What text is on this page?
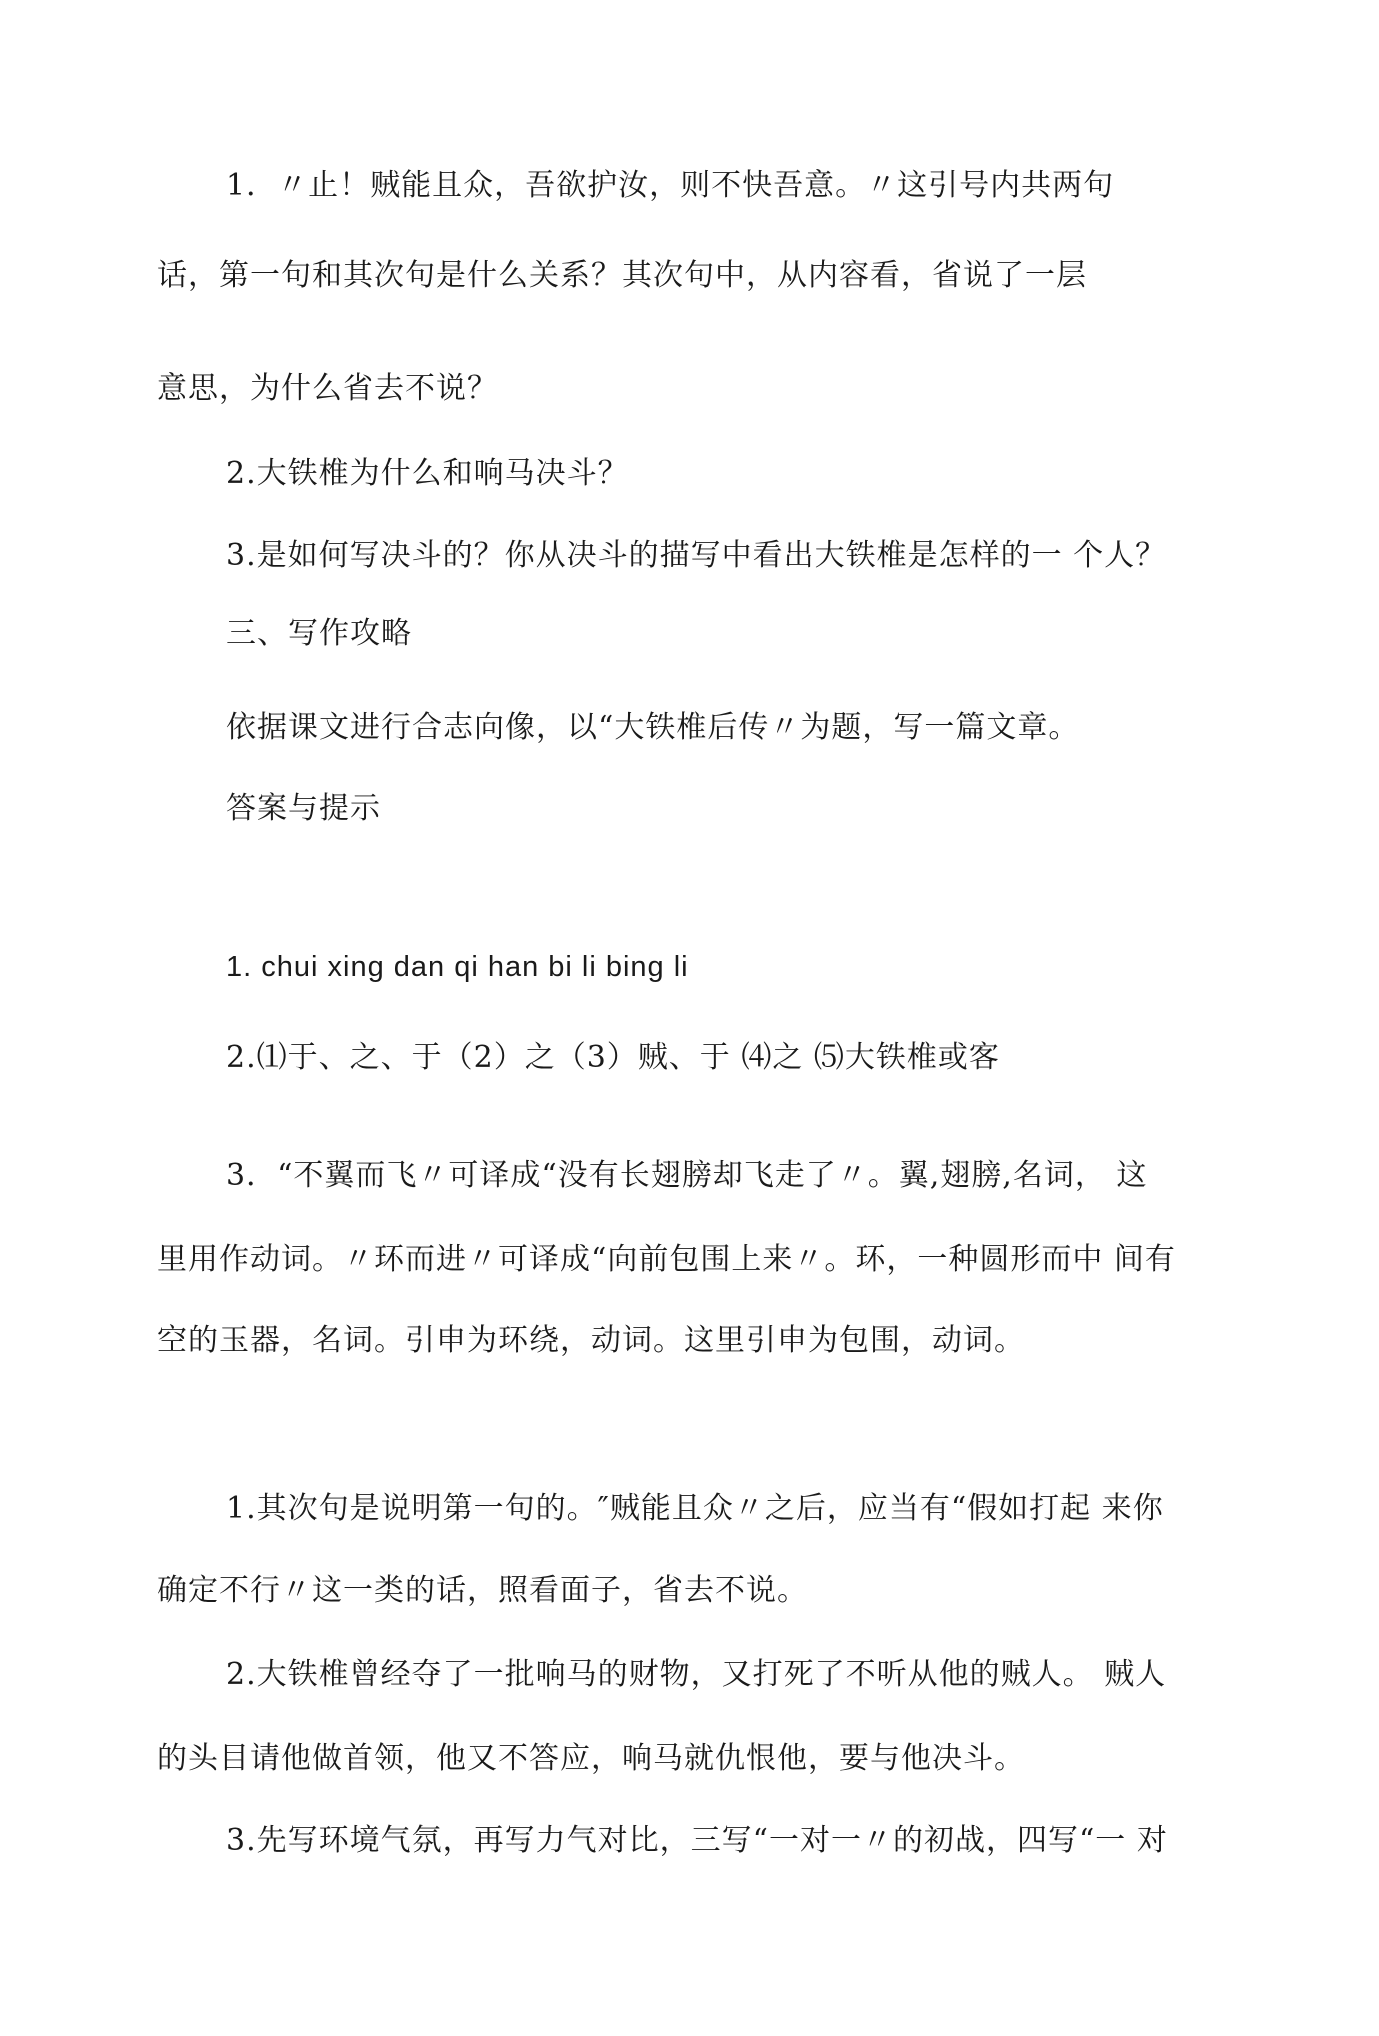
1．〃止！贼能且众，吾欲护汝，则不快吾意。〃这引号内共两句
话，第一句和其次句是什么关系？其次句中，从内容看，省说了一层
意思，为什么省去不说？
2.大铁椎为什么和响马决斗？
3.是如何写决斗的？你从决斗的描写中看出大铁椎是怎样的一 个人？
三、写作攻略
依据课文进行合志向像，以“大铁椎后传〃为题，写一篇文章。
答案与提示
1. chui xing dan qi han bi li bing li
2.⑴于、之、于（2）之（3）贼、于 ⑷之 ⑸大铁椎或客
3．“不翼而飞〃可译成“没有长翅膀却飞走了〃。翼,翅膀,名词， 这
里用作动词。〃环而进〃可译成“向前包围上来〃。环，一种圆形而中 间有
空的玉器，名词。引申为环绕，动词。这里引申为包围，动词。
1.其次句是说明第一句的。″贼能且众〃之后，应当有“假如打起 来你
确定不行〃这一类的话，照看面子，省去不说。
2.大铁椎曾经夺了一批响马的财物，又打死了不听从他的贼人。 贼人
的头目请他做首领，他又不答应，响马就仇恨他，要与他决斗。
3.先写环境气氛，再写力气对比，三写“一对一〃的初战，四写“一 对
